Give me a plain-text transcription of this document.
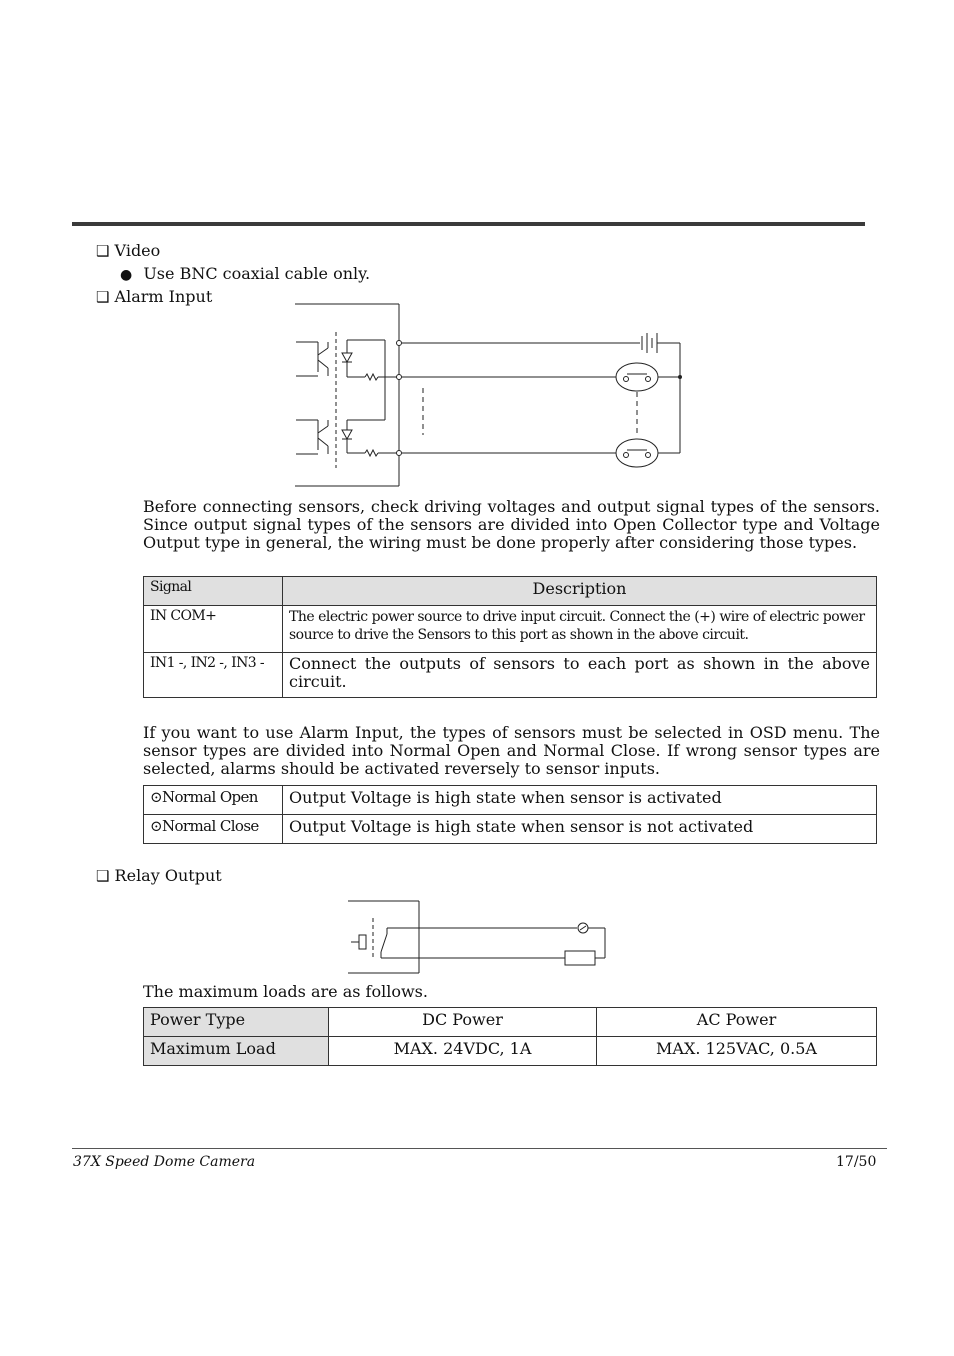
❑ Video
● Use BNC coaxial cable only.
❑ Alarm Input
Before connecting sensors, check driving voltages and output signal types of the sensors. Since output signal types of the sensors are divided into Open Collector type and Voltage Output type in general, the wiring must be done properly after considering those types.
Signal	Description
IN COM+	The electric power source to drive input circuit. Connect the (+) wire of electric power source to drive the Sensors to this port as shown in the above circuit.
IN1 -, IN2 -, IN3 -	Connect the outputs of sensors to each port as shown in the above circuit.
If you want to use Alarm Input, the types of sensors must be selected in OSD menu. The sensor types are divided into Normal Open and Normal Close. If wrong sensor types are selected, alarms should be activated reversely to sensor inputs.
⊙Normal Open	Output Voltage is high state when sensor is activated
⊙Normal Close	Output Voltage is high state when sensor is not activated
❑ Relay Output
The maximum loads are as follows.
Power Type	DC Power	AC Power
Maximum Load	MAX. 24VDC, 1A	MAX. 125VAC, 0.5A
37X Speed Dome Camera	17/50
